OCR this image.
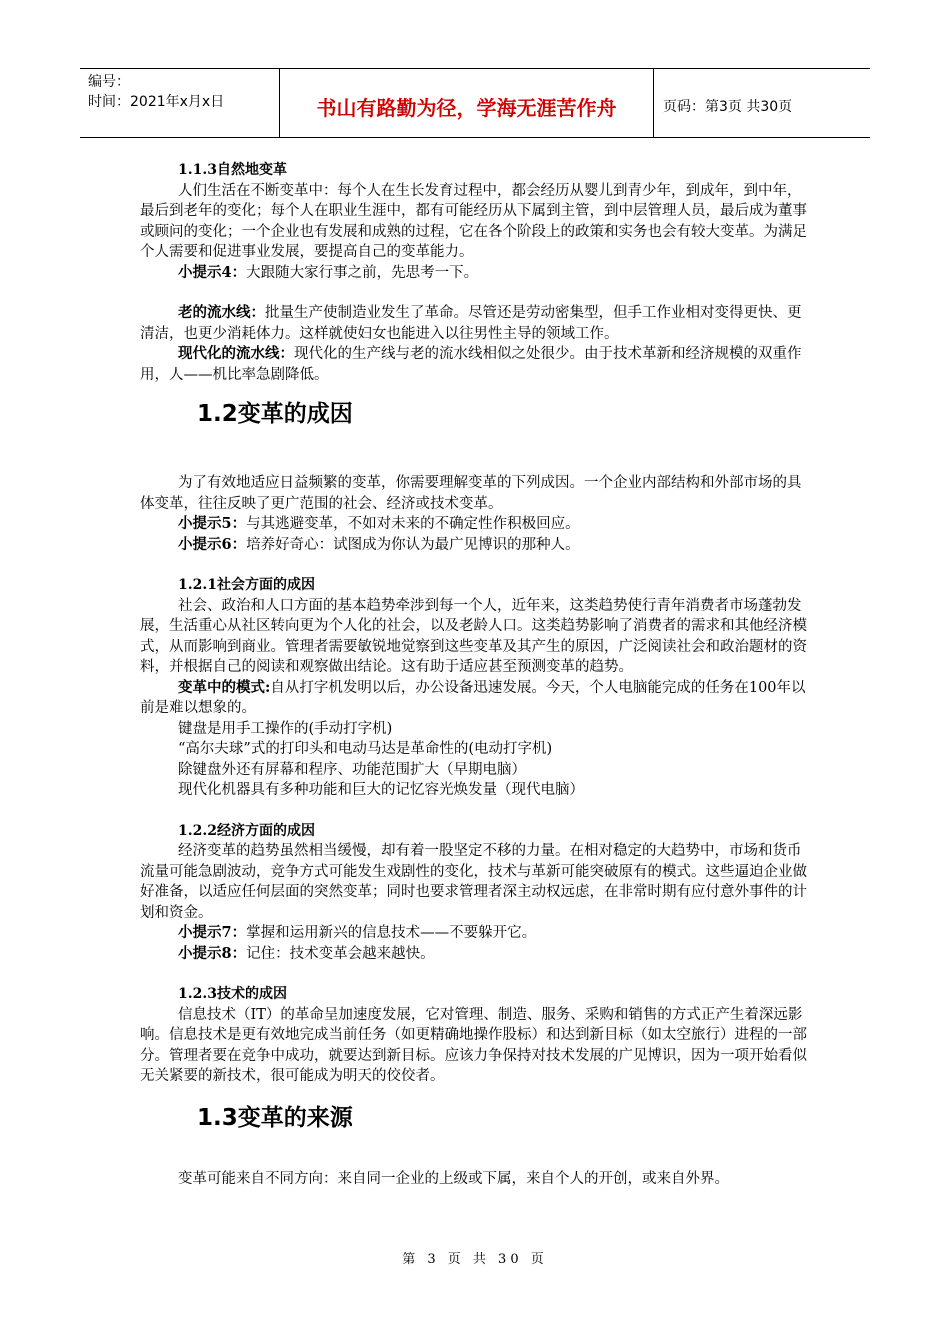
编号：
时间：2021年x月x日	书山有路勤为径，学海无涯苦作舟	页码：第3页 共30页

1.1.3自然地变革

人们生活在不断变革中：每个人在生长发育过程中，都会经历从婴儿到青少年，到成年，到中年，最后到老年的变化；每个人在职业生涯中，都有可能经历从下属到主管，到中层管理人员，最后成为董事或顾问的变化；一个企业也有发展和成熟的过程，它在各个阶段上的政策和实务也会有较大变革。为满足个人需要和促进事业发展，要提高自己的变革能力。

小提示4：大跟随大家行事之前，先思考一下。

老的流水线：批量生产使制造业发生了革命。尽管还是劳动密集型，但手工作业相对变得更快、更清洁，也更少消耗体力。这样就使妇女也能进入以往男性主导的领域工作。

现代化的流水线：现代化的生产线与老的流水线相似之处很少。由于技术革新和经济规模的双重作用，人——机比率急剧降低。

1.2变革的成因

为了有效地适应日益频繁的变革，你需要理解变革的下列成因。一个企业内部结构和外部市场的具体变革，往往反映了更广范围的社会、经济或技术变革。

小提示5：与其逃避变革，不如对未来的不确定性作积极回应。

小提示6：培养好奇心：试图成为你认为最广见博识的那种人。

1.2.1社会方面的成因

社会、政治和人口方面的基本趋势牵涉到每一个人，近年来，这类趋势使行青年消费者市场蓬勃发展，生活重心从社区转向更为个人化的社会，以及老龄人口。这类趋势影响了消费者的需求和其他经济模式，从而影响到商业。管理者需要敏锐地觉察到这些变革及其产生的原因，广泛阅读社会和政治题材的资料，并根据自己的阅读和观察做出结论。这有助于适应甚至预测变革的趋势。

变革中的模式:自从打字机发明以后，办公设备迅速发展。今天，个人电脑能完成的任务在100年以前是难以想象的。

键盘是用手工操作的(手动打字机)

“高尔夫球”式的打印头和电动马达是革命性的(电动打字机)

除键盘外还有屏幕和程序、功能范围扩大（早期电脑）

现代化机器具有多种功能和巨大的记忆容光焕发量（现代电脑）

1.2.2经济方面的成因

经济变革的趋势虽然相当缓慢，却有着一股坚定不移的力量。在相对稳定的大趋势中，市场和货币流量可能急剧波动，竞争方式可能发生戏剧性的变化，技术与革新可能突破原有的模式。这些逼迫企业做好准备，以适应任何层面的突然变革；同时也要求管理者深主动权远虑，在非常时期有应付意外事件的计划和资金。

小提示7：掌握和运用新兴的信息技术——不要躲开它。

小提示8：记住：技术变革会越来越快。

1.2.3技术的成因

信息技术（IT）的革命呈加速度发展，它对管理、制造、服务、采购和销售的方式正产生着深远影响。信息技术是更有效地完成当前任务（如更精确地操作股标）和达到新目标（如太空旅行）进程的一部分。管理者要在竞争中成功，就要达到新目标。应该力争保持对技术发展的广见博识，因为一项开始看似无关紧要的新技术，很可能成为明天的佼佼者。

1.3变革的来源

变革可能来自不同方向：来自同一企业的上级或下属，来自个人的开创，或来自外界。

第 3 页 共 30 页
